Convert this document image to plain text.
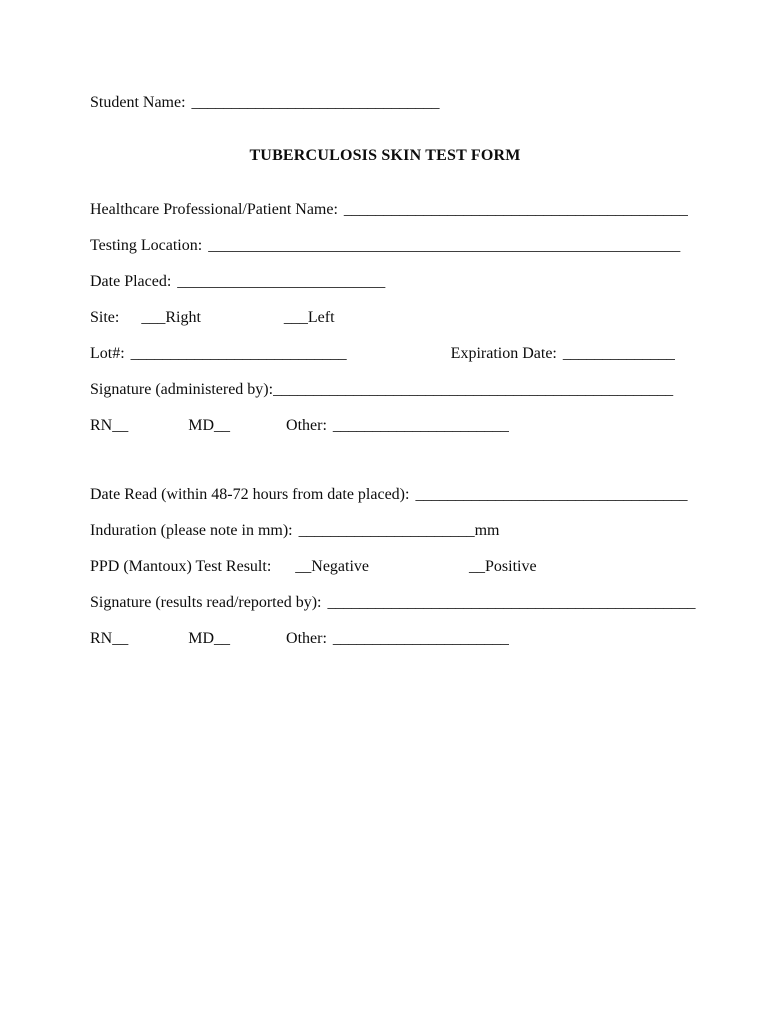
Student Name: _______________________________
TUBERCULOSIS SKIN TEST FORM
Healthcare Professional/Patient Name: ___________________________________________
Testing Location: ___________________________________________________________
Date Placed: __________________________
Site: ___Right	___Left
Lot#: ___________________________	Expiration Date: ______________
Signature (administered by):__________________________________________________
RN__	MD__	Other: ______________________
Date Read (within 48-72 hours from date placed): __________________________________
Induration (please note in mm): ______________________mm
PPD (Mantoux) Test Result: __Negative	__Positive
Signature (results read/reported by): ______________________________________________
RN__	MD__	Other: ______________________
